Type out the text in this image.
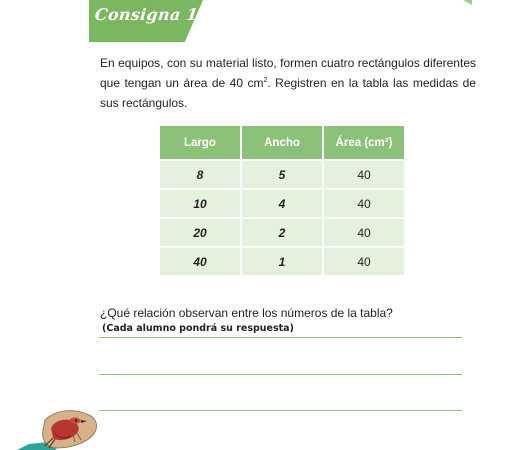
Consigna 1
En equipos, con su material listo, formen cuatro rectángulos diferentes que tengan un área de 40 $cm^2$. Registren en la tabla las medidas de sus rectángulos.
Largo	Ancho	Área (cm²)
8	5	40
10	4	40
20	2	40
40	1	40
¿Qué relación observan entre los números de la tabla?
(Cada alumno pondrá su respuesta)
